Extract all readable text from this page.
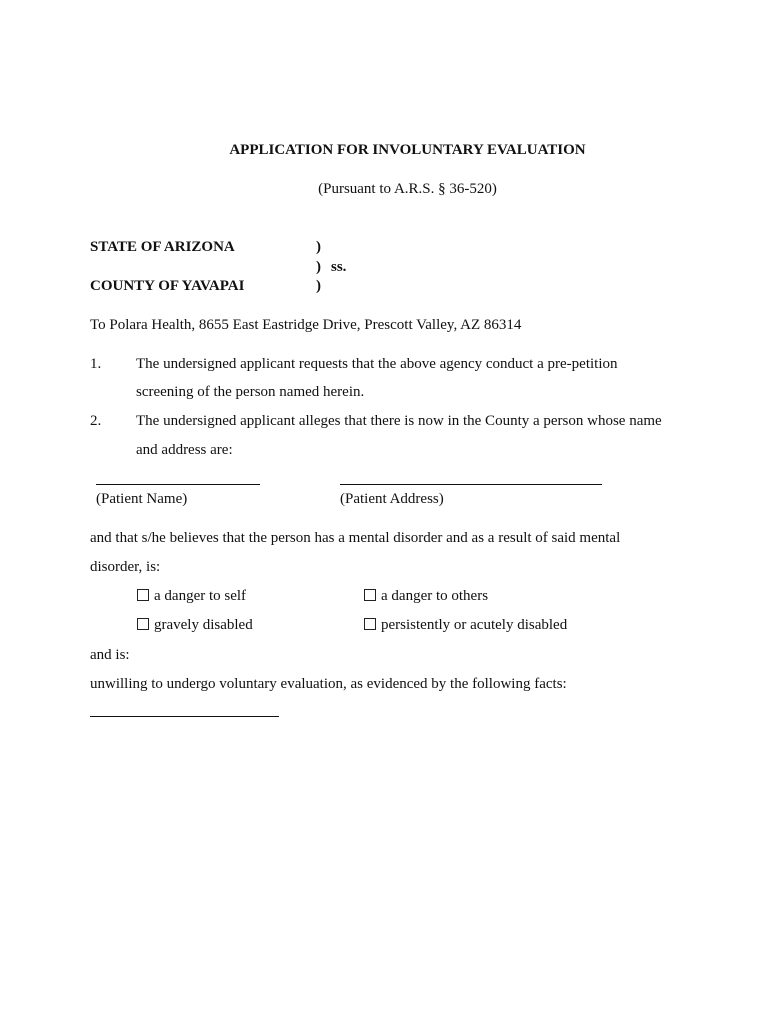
APPLICATION FOR INVOLUNTARY EVALUATION
(Pursuant to A.R.S. § 36-520)
STATE OF ARIZONA	)
) ss.
COUNTY OF YAVAPAI	)
To Polara Health, 8655 East Eastridge Drive, Prescott Valley, AZ 86314
1. The undersigned applicant requests that the above agency conduct a pre-petition
screening of the person named herein.
2. The undersigned applicant alleges that there is now in the County a person whose name
and address are:
(Patient Name)	(Patient Address)
and that s/he believes that the person has a mental disorder and as a result of said mental
disorder, is:
a danger to self	a danger to others
gravely disabled	persistently or acutely disabled
and is:
unwilling to undergo voluntary evaluation, as evidenced by the following facts:
